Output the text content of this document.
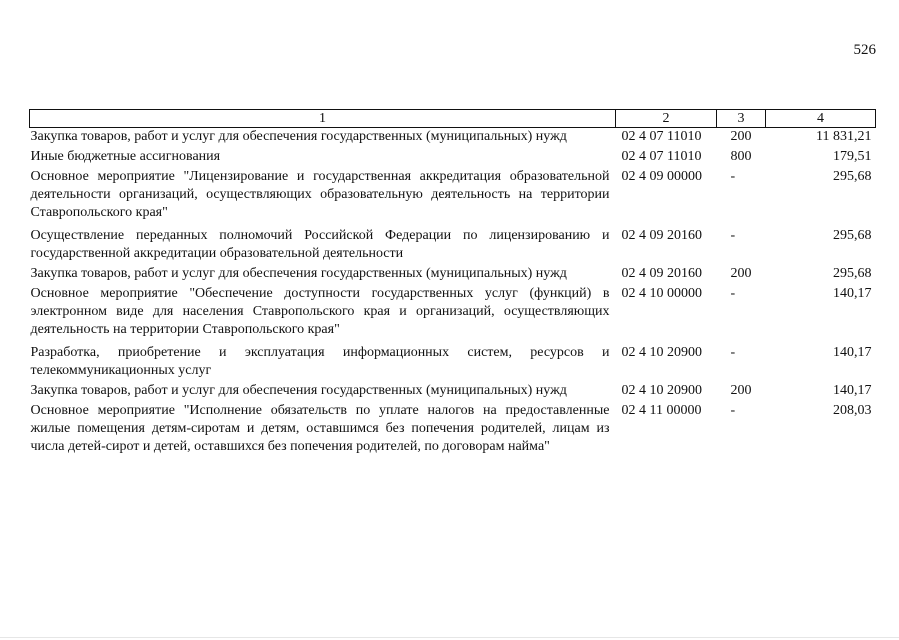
526
1	2	3	4
Закупка товаров, работ и услуг для обеспечения государственных (муниципальных) нужд	02 4 07 11010	200	11 831,21
Иные бюджетные ассигнования	02 4 07 11010	800	179,51
Основное мероприятие "Лицензирование и государственная аккредитация образовательной деятельности организаций, осуществляющих образовательную деятельность на территории Ставропольского края"	02 4 09 00000	-	295,68
Осуществление переданных полномочий Российской Федерации по лицензированию и государственной аккредитации образовательной деятельности	02 4 09 20160	-	295,68
Закупка товаров, работ и услуг для обеспечения государственных (муниципальных) нужд	02 4 09 20160	200	295,68
Основное мероприятие "Обеспечение доступности государственных услуг (функций) в электронном виде для населения Ставропольского края и организаций, осуществляющих деятельность на территории Ставропольского края"	02 4 10 00000	-	140,17
Разработка, приобретение и эксплуатация информационных систем, ресурсов и телекоммуникационных услуг	02 4 10 20900	-	140,17
Закупка товаров, работ и услуг для обеспечения государственных (муниципальных) нужд	02 4 10 20900	200	140,17
Основное мероприятие "Исполнение обязательств по уплате налогов на предоставленные жилые помещения детям-сиротам и детям, оставшимся без попечения родителей, лицам из числа детей-сирот и детей, оставшихся без попечения родителей, по договорам найма"	02 4 11 00000	-	208,03
